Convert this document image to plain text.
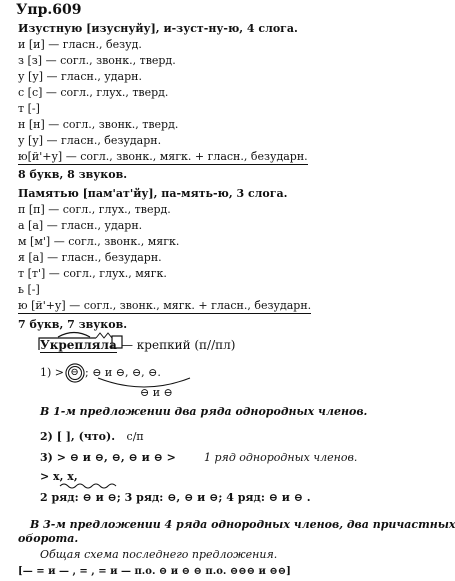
Упр.609
Изустную [изуснуйу], и-зуст-ну-ю, 4 слога.
и [и] — гласн., безуд.
з [з] — согл., звонк., тверд.
у [у] — гласн., ударн.
с [с] — согл., глух., тверд.
т [-]
н [н] — согл., звонк., тверд.
у [у] — гласн., безударн.
ю[й'+у] — согл., звонк., мягк. + гласн., безударн.
8 букв, 8 звуков.
Памятью [пам'ат'йу], па-мять-ю, 3 слога.
п [п] — согл., глух., тверд.
а [а] — гласн., ударн.
м [м'] — согл., звонк., мягк.
я [а] — гласн., безударн.
т [т'] — согл., глух., мягк.
ь [-]
ю [й'+у] — согл., звонк., мягк. + гласн., безударн.
7 букв, 7 звуков.
Укрепляла — крепкий (п//пл)
1) > ⊖ ; ⊖ и ⊖, ⊖, ⊖.
⊖ и ⊖
В 1-м предложении два ряда однородных членов.
2) [ ], (что). с/п
3) > ⊖ и ⊖, ⊖, ⊖ и ⊖ >	1 ряд однородных членов.
> x, x,
2 ряд: ⊖ и ⊖; 3 ряд: ⊖, ⊖ и ⊖; 4 ряд: ⊖ и ⊖ .
В 3-м предложении 4 ряда однородных членов, два причастных
оборота.
Общая схема последнего предложения.
[— = и — , = , = и — п.о. ⊖ и ⊖ ⊖ п.о. ⊖⊖⊖ и ⊖⊖]
